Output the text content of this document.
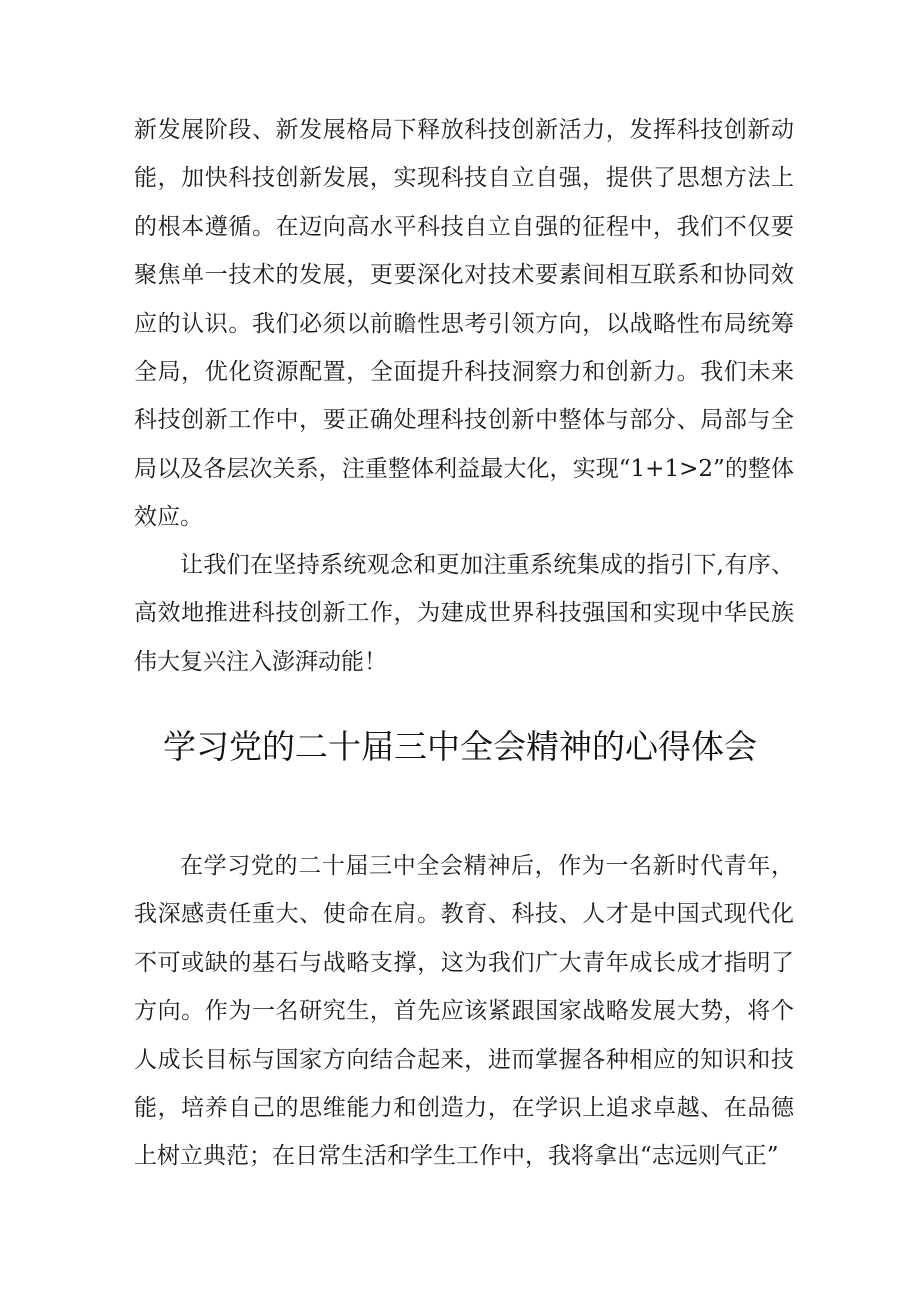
新发展阶段、新发展格局下释放科技创新活力，发挥科技创新动能，加快科技创新发展，实现科技自立自强，提供了思想方法上的根本遵循。在迈向高水平科技自立自强的征程中，我们不仅要聚焦单一技术的发展，更要深化对技术要素间相互联系和协同效应的认识。我们必须以前瞻性思考引领方向，以战略性布局统筹全局，优化资源配置，全面提升科技洞察力和创新力。我们未来科技创新工作中，要正确处理科技创新中整体与部分、局部与全局以及各层次关系，注重整体利益最大化，实现“1+1>2”的整体效应。

让我们在坚持系统观念和更加注重系统集成的指引下,有序、高效地推进科技创新工作，为建成世界科技强国和实现中华民族伟大复兴注入澎湃动能！

学习党的二十届三中全会精神的心得体会

在学习党的二十届三中全会精神后，作为一名新时代青年，我深感责任重大、使命在肩。教育、科技、人才是中国式现代化不可或缺的基石与战略支撑，这为我们广大青年成长成才指明了方向。作为一名研究生，首先应该紧跟国家战略发展大势，将个人成长目标与国家方向结合起来，进而掌握各种相应的知识和技能，培养自己的思维能力和创造力，在学识上追求卓越、在品德上树立典范；在日常生活和学生工作中，我将拿出“志远则气正”
